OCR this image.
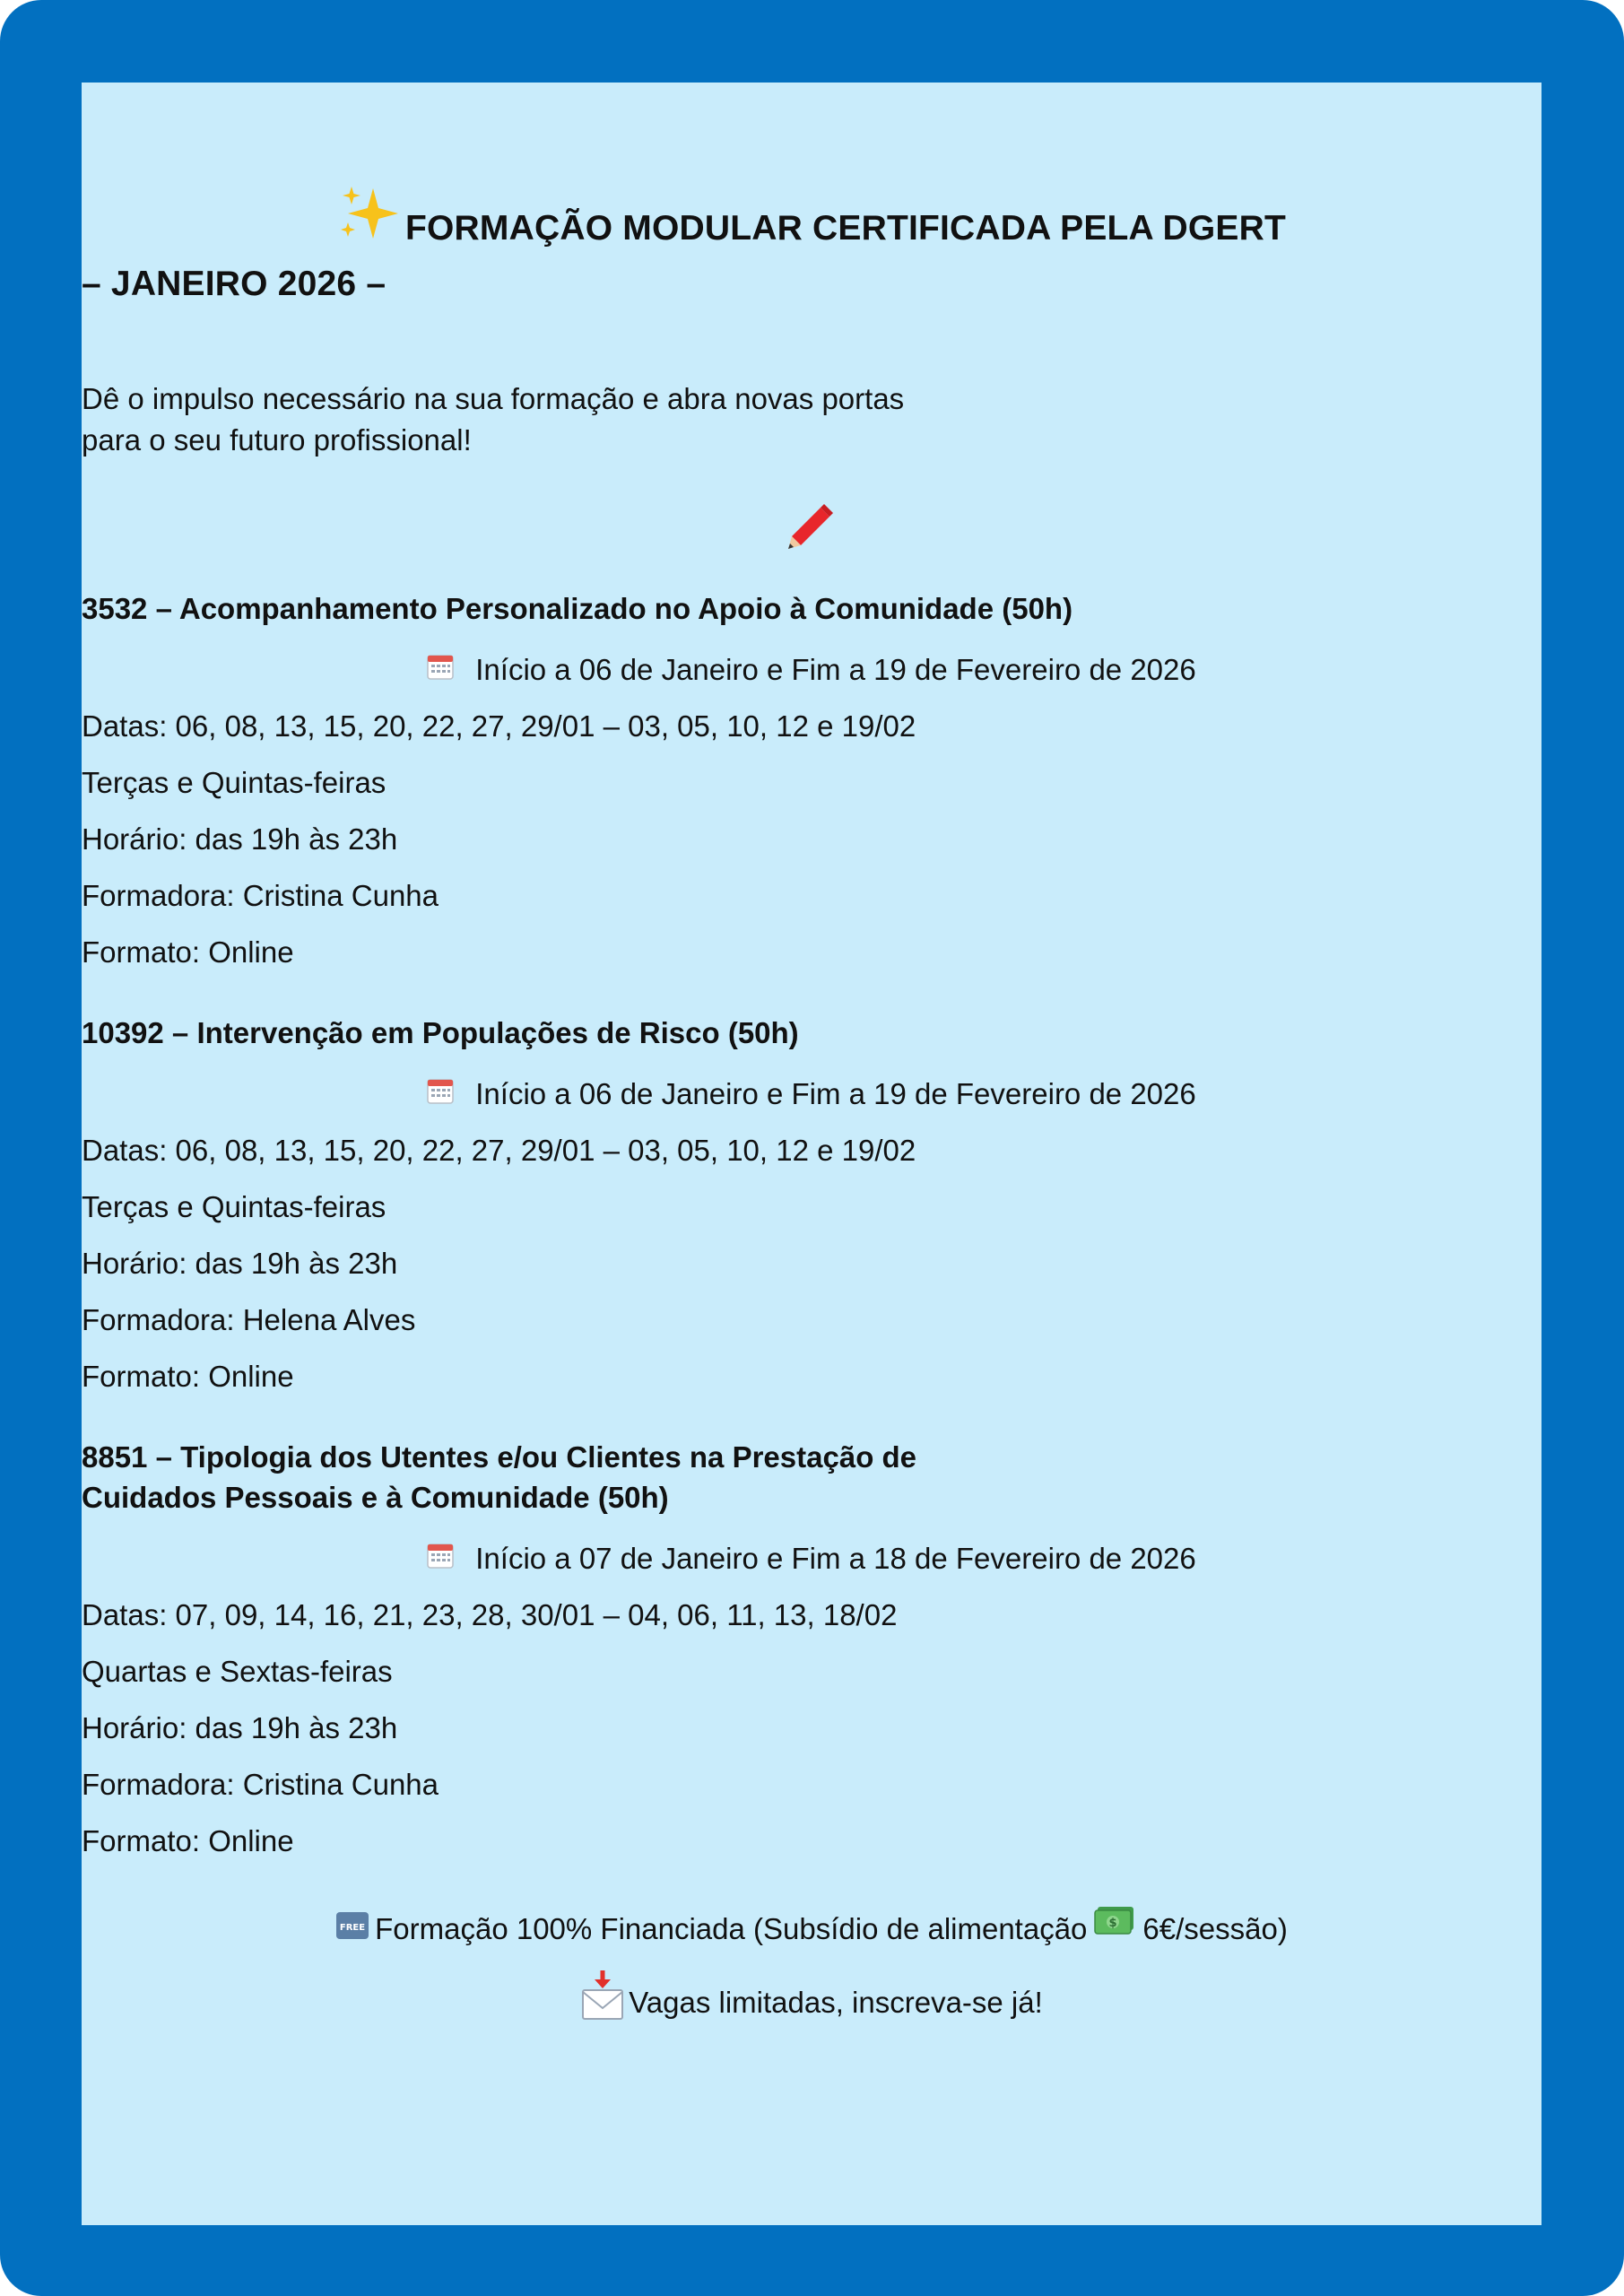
FORMAÇÃO MODULAR CERTIFICADA PELA DGERT
– JANEIRO 2026 –
Dê o impulso necessário na sua formação e abra novas portas
para o seu futuro profissional!
3532 – Acompanhamento Personalizado no Apoio à Comunidade (50h)
Início a 06 de Janeiro e Fim a 19 de Fevereiro de 2026
Datas: 06, 08, 13, 15, 20, 22, 27, 29/01 – 03, 05, 10, 12 e 19/02
Terças e Quintas-feiras
Horário: das 19h às 23h
Formadora: Cristina Cunha
Formato: Online
10392 – Intervenção em Populações de Risco (50h)
Início a 06 de Janeiro e Fim a 19 de Fevereiro de 2026
Datas: 06, 08, 13, 15, 20, 22, 27, 29/01 – 03, 05, 10, 12 e 19/02
Terças e Quintas-feiras
Horário: das 19h às 23h
Formadora: Helena Alves
Formato: Online
8851 – Tipologia dos Utentes e/ou Clientes na Prestação de
Cuidados Pessoais e à Comunidade (50h)
Início a 07 de Janeiro e Fim a 18 de Fevereiro de 2026
Datas: 07, 09, 14, 16, 21, 23, 28, 30/01 – 04, 06, 11, 13, 18/02
Quartas e Sextas-feiras
Horário: das 19h às 23h
Formadora: Cristina Cunha
Formato: Online
FREE Formação 100% Financiada (Subsídio de alimentação $ 6€/sessão)
Vagas limitadas, inscreva-se já!
